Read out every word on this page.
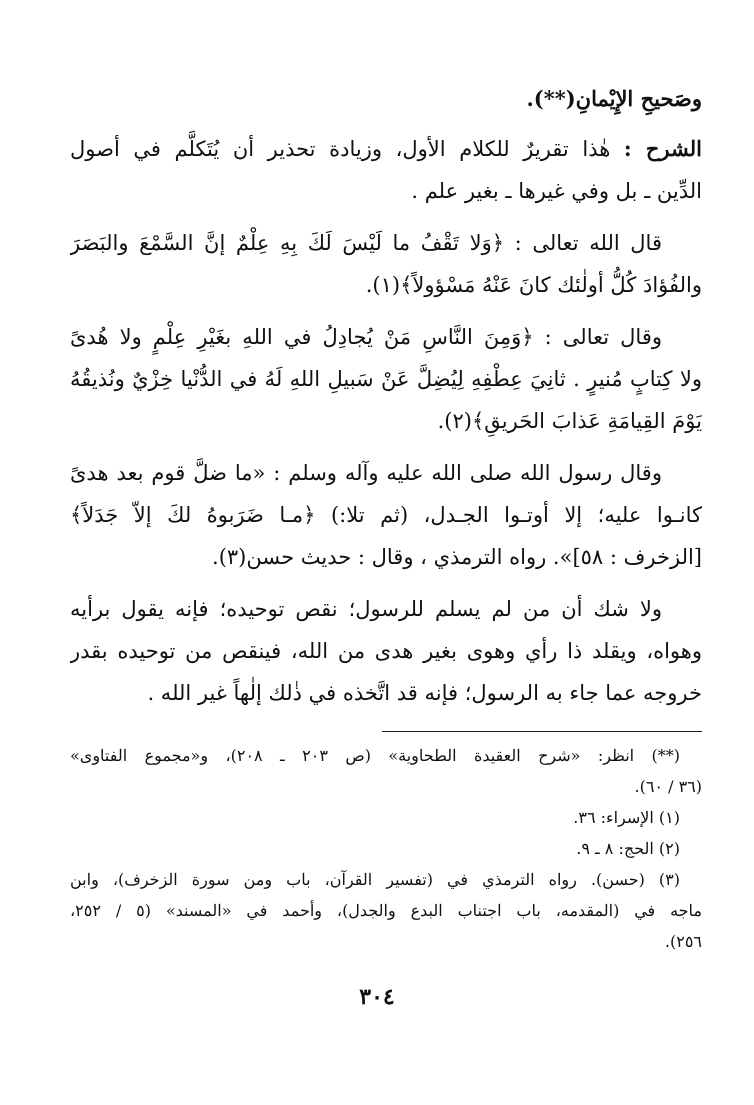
وصَحيحِ الإِيْمانِ(**).
الشرح : هٰذا تقريرٌ للكلام الأول، وزيادة تحذير أن يُتَكلَّم في أصول
الدِّين ـ بل وفي غيرها ـ بغير علم .
قال الله تعالى : ﴿وَلا تَقْفُ ما لَيْسَ لَكَ بِهِ عِلْمٌ إنَّ السَّمْعَ والبَصَرَ
والفُؤادَ كُلُّ أولٰئك كانَ عَنْهُ مَسْؤولاً﴾(١).
وقال تعالى : ﴿وَمِنَ النَّاسِ مَنْ يُجادِلُ في اللهِ بغَيْرِ عِلْمٍ ولا هُدىً
ولا كِتابٍ مُنيرٍ . ثانِيَ عِطْفِهِ لِيُضِلَّ عَنْ سَبيلِ اللهِ لَهُ في الدُّنْيا خِزْيٌ ونُذيقُهُ
يَوْمَ القِيامَةِ عَذابَ الحَريقِ﴾(٢).
وقال رسول الله صلى الله عليه وآله وسلم : «ما ضلَّ قوم بعد هدىً
كانـوا عليه؛ إلا أوتـوا الجـدل، (ثم تلا:) ﴿مـا ضَرَبوهُ لكَ إلاّ جَدَلاً﴾
[الزخرف : ٥٨]». رواه الترمذي ، وقال : حديث حسن(٣).
ولا شك أن من لم يسلم للرسول؛ نقص توحيده؛ فإنه يقول برأيه
وهواه، ويقلد ذا رأي وهوى بغير هدى من الله، فينقص من توحيده بقدر
خروجه عما جاء به الرسول؛ فإنه قد اتَّخذه في ذٰلك إلٰهاً غير الله .
(**) انظر: «شرح العقيدة الطحاوية» (ص ٢٠٣ ـ ٢٠٨)، و«مجموع الفتاوى»
(٣٦ / ٦٠).
(١) الإسراء: ٣٦.
(٢) الحج: ٨ ـ ٩.
(٣) (حسن). رواه الترمذي في (تفسير القرآن، باب ومن سورة الزخرف)، وابن
ماجه في (المقدمه، باب اجتناب البدع والجدل)، وأحمد في «المسند» (٥ / ٢٥٢،
٢٥٦).
٣٠٤
